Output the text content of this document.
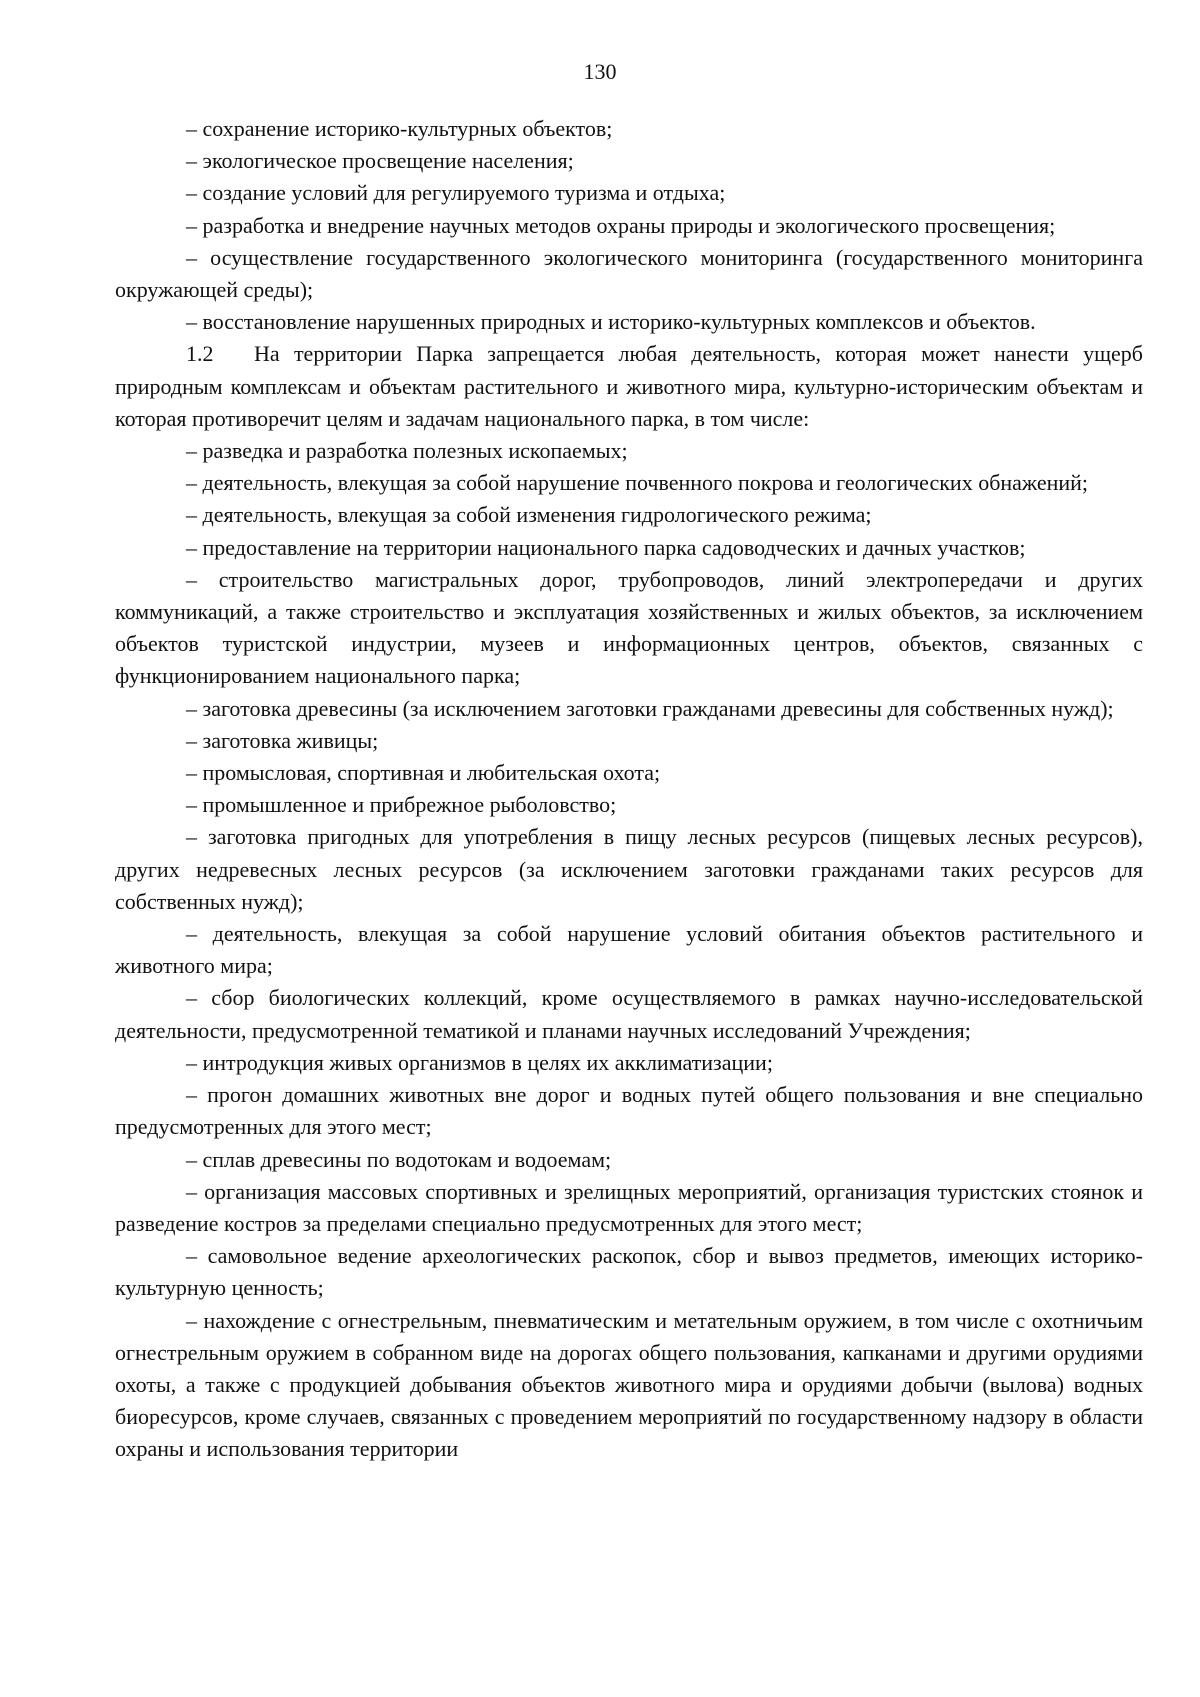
130

– сохранение историко-культурных объектов;

– экологическое просвещение населения;

– создание условий для регулируемого туризма и отдыха;

– разработка и внедрение научных методов охраны природы и экологического просвещения;

– осуществление государственного экологического мониторинга (государственного мониторинга окружающей среды);

– восстановление нарушенных природных и историко-культурных комплексов и объектов.

1.2 На территории Парка запрещается любая деятельность, которая может нанести ущерб природным комплексам и объектам растительного и животного мира, культурно-историческим объектам и которая противоречит целям и задачам национального парка, в том числе:

– разведка и разработка полезных ископаемых;

– деятельность, влекущая за собой нарушение почвенного покрова и геологических обнажений;

– деятельность, влекущая за собой изменения гидрологического режима;

– предоставление на территории национального парка садоводческих и дачных участков;

– строительство магистральных дорог, трубопроводов, линий электропередачи и других коммуникаций, а также строительство и эксплуатация хозяйственных и жилых объектов, за исключением объектов туристской индустрии, музеев и информационных центров, объектов, связанных с функционированием национального парка;

– заготовка древесины (за исключением заготовки гражданами древесины для собственных нужд);

– заготовка живицы;

– промысловая, спортивная и любительская охота;

– промышленное и прибрежное рыболовство;

– заготовка пригодных для употребления в пищу лесных ресурсов (пищевых лесных ресурсов), других недревесных лесных ресурсов (за исключением заготовки гражданами таких ресурсов для собственных нужд);

– деятельность, влекущая за собой нарушение условий обитания объектов растительного и животного мира;

– сбор биологических коллекций, кроме осуществляемого в рамках научно-исследовательской деятельности, предусмотренной тематикой и планами научных исследований Учреждения;

– интродукция живых организмов в целях их акклиматизации;

– прогон домашних животных вне дорог и водных путей общего пользования и вне специально предусмотренных для этого мест;

– сплав древесины по водотокам и водоемам;

– организация массовых спортивных и зрелищных мероприятий, организация туристских стоянок и разведение костров за пределами специально предусмотренных для этого мест;

– самовольное ведение археологических раскопок, сбор и вывоз предметов, имеющих историко-культурную ценность;

– нахождение с огнестрельным, пневматическим и метательным оружием, в том числе с охотничьим огнестрельным оружием в собранном виде на дорогах общего пользования, капканами и другими орудиями охоты, а также с продукцией добывания объектов животного мира и орудиями добычи (вылова) водных биоресурсов, кроме случаев, связанных с проведением мероприятий по государственному надзору в области охраны и использования территории
